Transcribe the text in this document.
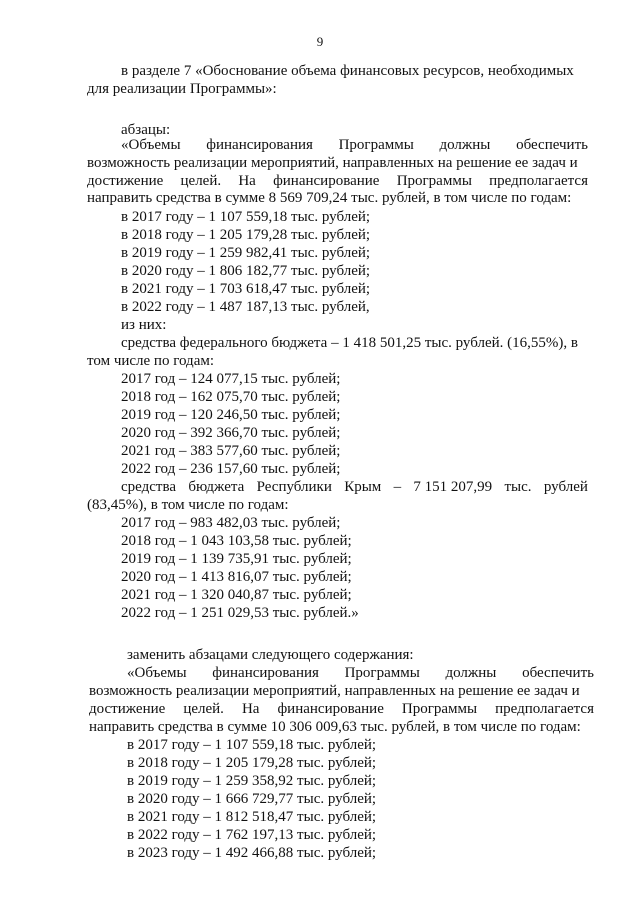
9
в разделе 7 «Обоснование объема финансовых ресурсов, необходимых
для реализации Программы»:
абзацы:
«Объемы финансирования Программы должны обеспечить
возможность реализации мероприятий, направленных на решение ее задач и
достижение целей. На финансирование Программы предполагается
направить средства в сумме 8 569 709,24 тыс. рублей, в том числе по годам:
в 2017 году – 1 107 559,18 тыс. рублей;
в 2018 году – 1 205 179,28 тыс. рублей;
в 2019 году – 1 259 982,41 тыс. рублей;
в 2020 году – 1 806 182,77 тыс. рублей;
в 2021 году – 1 703 618,47 тыс. рублей;
в 2022 году – 1 487 187,13 тыс. рублей,
из них:
средства федерального бюджета – 1 418 501,25 тыс. рублей. (16,55%), в
том числе по годам:
2017 год – 124 077,15 тыс. рублей;
2018 год – 162 075,70 тыс. рублей;
2019 год – 120 246,50 тыс. рублей;
2020 год – 392 366,70 тыс. рублей;
2021 год – 383 577,60 тыс. рублей;
2022 год – 236 157,60 тыс. рублей;
средства бюджета Республики Крым – 7 151 207,99 тыс. рублей
(83,45%), в том числе по годам:
2017 год – 983 482,03 тыс. рублей;
2018 год – 1 043 103,58 тыс. рублей;
2019 год – 1 139 735,91 тыс. рублей;
2020 год – 1 413 816,07 тыс. рублей;
2021 год – 1 320 040,87 тыс. рублей;
2022 год – 1 251 029,53 тыс. рублей.»
заменить абзацами следующего содержания:
«Объемы финансирования Программы должны обеспечить
возможность реализации мероприятий, направленных на решение ее задач и
достижение целей. На финансирование Программы предполагается
направить средства в сумме 10 306 009,63 тыс. рублей, в том числе по годам:
в 2017 году – 1 107 559,18 тыс. рублей;
в 2018 году – 1 205 179,28 тыс. рублей;
в 2019 году – 1 259 358,92 тыс. рублей;
в 2020 году – 1 666 729,77 тыс. рублей;
в 2021 году – 1 812 518,47 тыс. рублей;
в 2022 году – 1 762 197,13 тыс. рублей;
в 2023 году – 1 492 466,88 тыс. рублей;
